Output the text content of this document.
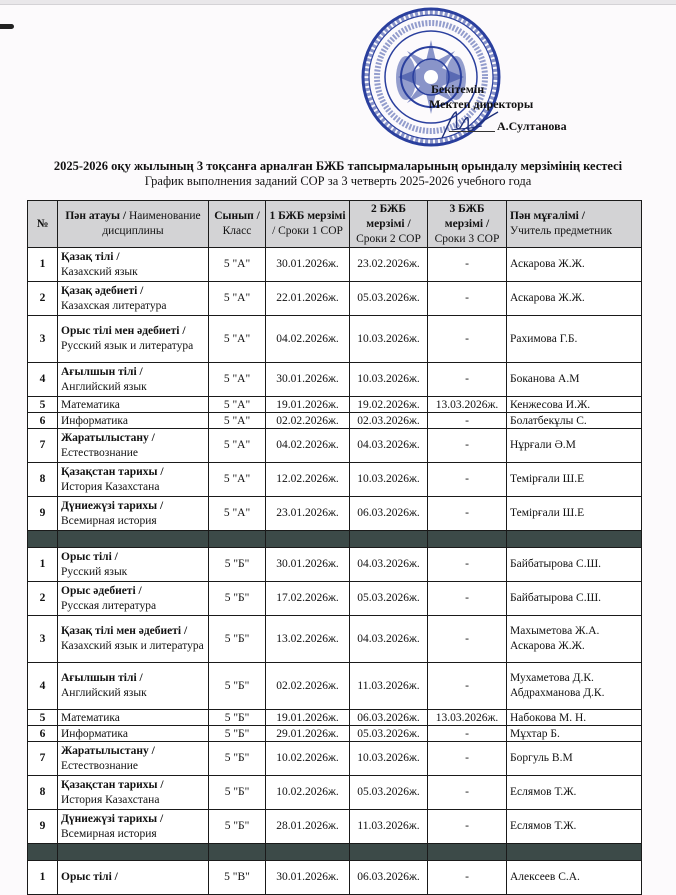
Бекітемін
Мектеп директоры
А.Султанова
2025-2026 оқу жылының 3 тоқсанға арналған БЖБ тапсырмаларының орындалу мерзімінің кестесі
График выполнения заданий СОР за 3 четверть 2025-2026 учебного года
№	Пән атауы / Наименование дисциплины	Сынып /
Класс	1 БЖБ мерзімі
/ Сроки 1 СОР	2 БЖБ мерзімі /
Сроки 2 СОР	3 БЖБ мерзімі /
Сроки 3 СОР	Пән мұғалімі /
Учитель предметник
1	Қазақ тілі /
Казахский язык	5 "А"	30.01.2026ж.	23.02.2026ж.	-	Аскарова Ж.Ж.

2	Қазақ әдебиеті /
Казахская литература	5 "А"	22.01.2026ж.	05.03.2026ж.	-	Аскарова Ж.Ж.

3	Орыс тілі мен әдебиеті /
Русский язык и литература	5 "А"	04.02.2026ж.	10.03.2026ж.	-	Рахимова Г.Б.

4	Ағылшын тілі /
Английский язык	5 "А"	30.01.2026ж.	10.03.2026ж.	-	Боканова А.М

5	Математика	5 "А"	19.01.2026ж.	19.02.2026ж.	13.03.2026ж.	Кенжесова И.Ж.

6	Информатика	5 "А"	02.02.2026ж.	02.03.2026ж.	-	Болатбекұлы С.

7	Жаратылыстану /
Естествознание	5 "А"	04.02.2026ж.	04.03.2026ж.	-	Нұрғали Ә.М

8	Қазақстан тарихы /
История Казахстана	5 "А"	12.02.2026ж.	10.03.2026ж.	-	Темірғали Ш.Е

9	Дүниежүзі тарихы /
Всемирная история	5 "А"	23.01.2026ж.	06.03.2026ж.	-	Темірғали Ш.Е

1	Орыс тілі /
Русский язык	5 "Б"	30.01.2026ж.	04.03.2026ж.	-	Байбатырова С.Ш.

2	Орыс әдебиеті /
Русская литература	5 "Б"	17.02.2026ж.	05.03.2026ж.	-	Байбатырова С.Ш.

3	Қазақ тілі мен әдебиеті /
Казахский язык и литература	5 "Б"	13.02.2026ж.	04.03.2026ж.	-	Махыметова Ж.А.
Аскарова Ж.Ж.

4	Ағылшын тілі /
Английский язык	5 "Б"	02.02.2026ж.	11.03.2026ж.	-	Мухаметова Д.К.
Абдрахманова Д.К.

5	Математика	5 "Б"	19.01.2026ж.	06.03.2026ж.	13.03.2026ж.	Набокова М. Н.

6	Информатика	5 "Б"	29.01.2026ж.	05.03.2026ж.	-	Мұхтар Б.

7	Жаратылыстану /
Естествознание	5 "Б"	10.02.2026ж.	10.03.2026ж.	-	Боргуль В.М

8	Қазақстан тарихы /
История Казахстана	5 "Б"	10.02.2026ж.	05.03.2026ж.	-	Еслямов Т.Ж.

9	Дүниежүзі тарихы /
Всемирная история	5 "Б"	28.01.2026ж.	11.03.2026ж.	-	Еслямов Т.Ж.

1	Орыс тілі /	5 "В"	30.01.2026ж.	06.03.2026ж.	-	Алексеев С.А.
